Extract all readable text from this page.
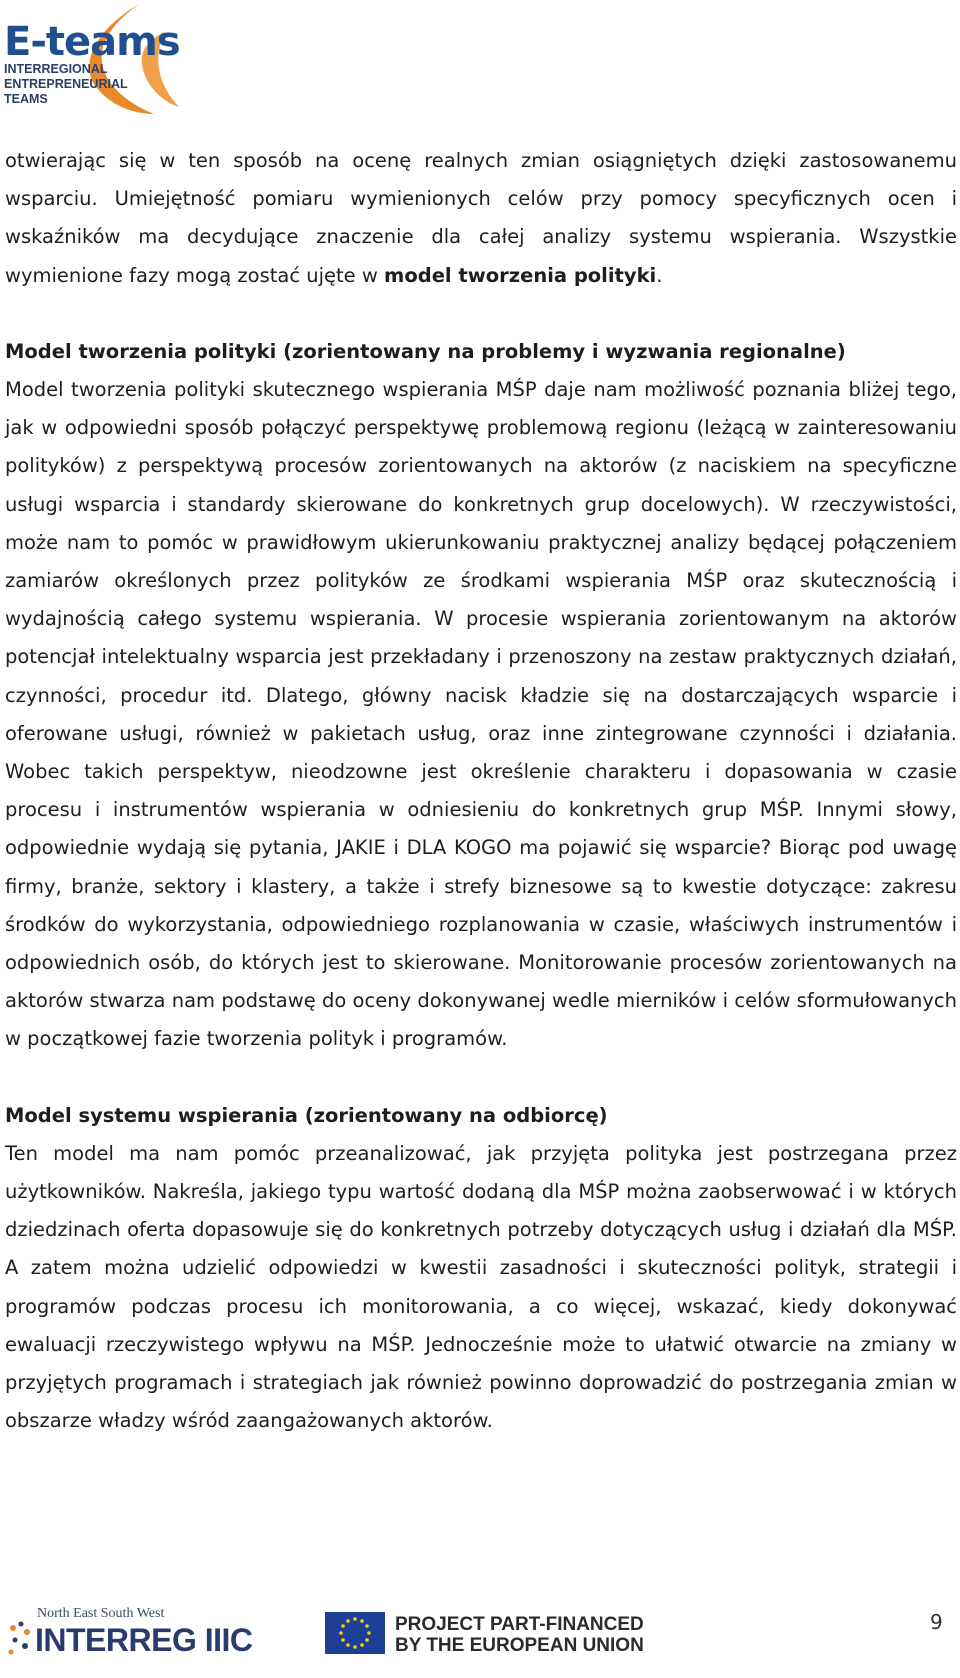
E-teams
INTERREGIONAL
ENTREPRENEURIAL
TEAMS

otwierając się w ten sposób na ocenę realnych zmian osiągniętych dzięki zastosowanemu wsparciu. Umiejętność pomiaru wymienionych celów przy pomocy specyficznych ocen i wskaźników ma decydujące znaczenie dla całej analizy systemu wspierania. Wszystkie wymienione fazy mogą zostać ujęte w model tworzenia polityki.

Model tworzenia polityki (zorientowany na problemy i wyzwania regionalne)

Model tworzenia polityki skutecznego wspierania MŚP daje nam możliwość poznania bliżej tego, jak w odpowiedni sposób połączyć perspektywę problemową regionu (leżącą w zainteresowaniu polityków) z perspektywą procesów zorientowanych na aktorów (z naciskiem na specyficzne usługi wsparcia i standardy skierowane do konkretnych grup docelowych). W rzeczywistości, może nam to pomóc w prawidłowym ukierunkowaniu praktycznej analizy będącej połączeniem zamiarów określonych przez polityków ze środkami wspierania MŚP oraz skutecznością i wydajnością całego systemu wspierania. W procesie wspierania zorientowanym na aktorów potencjał intelektualny wsparcia jest przekładany i przenoszony na zestaw praktycznych działań, czynności, procedur itd. Dlatego, główny nacisk kładzie się na dostarczających wsparcie i oferowane usługi, również w pakietach usług, oraz inne zintegrowane czynności i działania. Wobec takich perspektyw, nieodzowne jest określenie charakteru i dopasowania w czasie procesu i instrumentów wspierania w odniesieniu do konkretnych grup MŚP. Innymi słowy, odpowiednie wydają się pytania, JAKIE i DLA KOGO ma pojawić się wsparcie? Biorąc pod uwagę firmy, branże, sektory i klastery, a także i strefy biznesowe są to kwestie dotyczące: zakresu środków do wykorzystania, odpowiedniego rozplanowania w czasie, właściwych instrumentów i odpowiednich osób, do których jest to skierowane. Monitorowanie procesów zorientowanych na aktorów stwarza nam podstawę do oceny dokonywanej wedle mierników i celów sformułowanych w początkowej fazie tworzenia polityk i programów.

Model systemu wspierania (zorientowany na odbiorcę)

Ten model ma nam pomóc przeanalizować, jak przyjęta polityka jest postrzegana przez użytkowników. Nakreśla, jakiego typu wartość dodaną dla MŚP można zaobserwować i w których dziedzinach oferta dopasowuje się do konkretnych potrzeby dotyczących usług i działań dla MŚP. A zatem można udzielić odpowiedzi w kwestii zasadności i skuteczności polityk, strategii i programów podczas procesu ich monitorowania, a co więcej, wskazać, kiedy dokonywać ewaluacji rzeczywistego wpływu na MŚP. Jednocześnie może to ułatwić otwarcie na zmiany w przyjętych programach i strategiach jak również powinno doprowadzić do postrzegania zmian w obszarze władzy wśród zaangażowanych aktorów.

North East South West
INTERREG IIIC	PROJECT PART-FINANCED
BY THE EUROPEAN UNION
9
